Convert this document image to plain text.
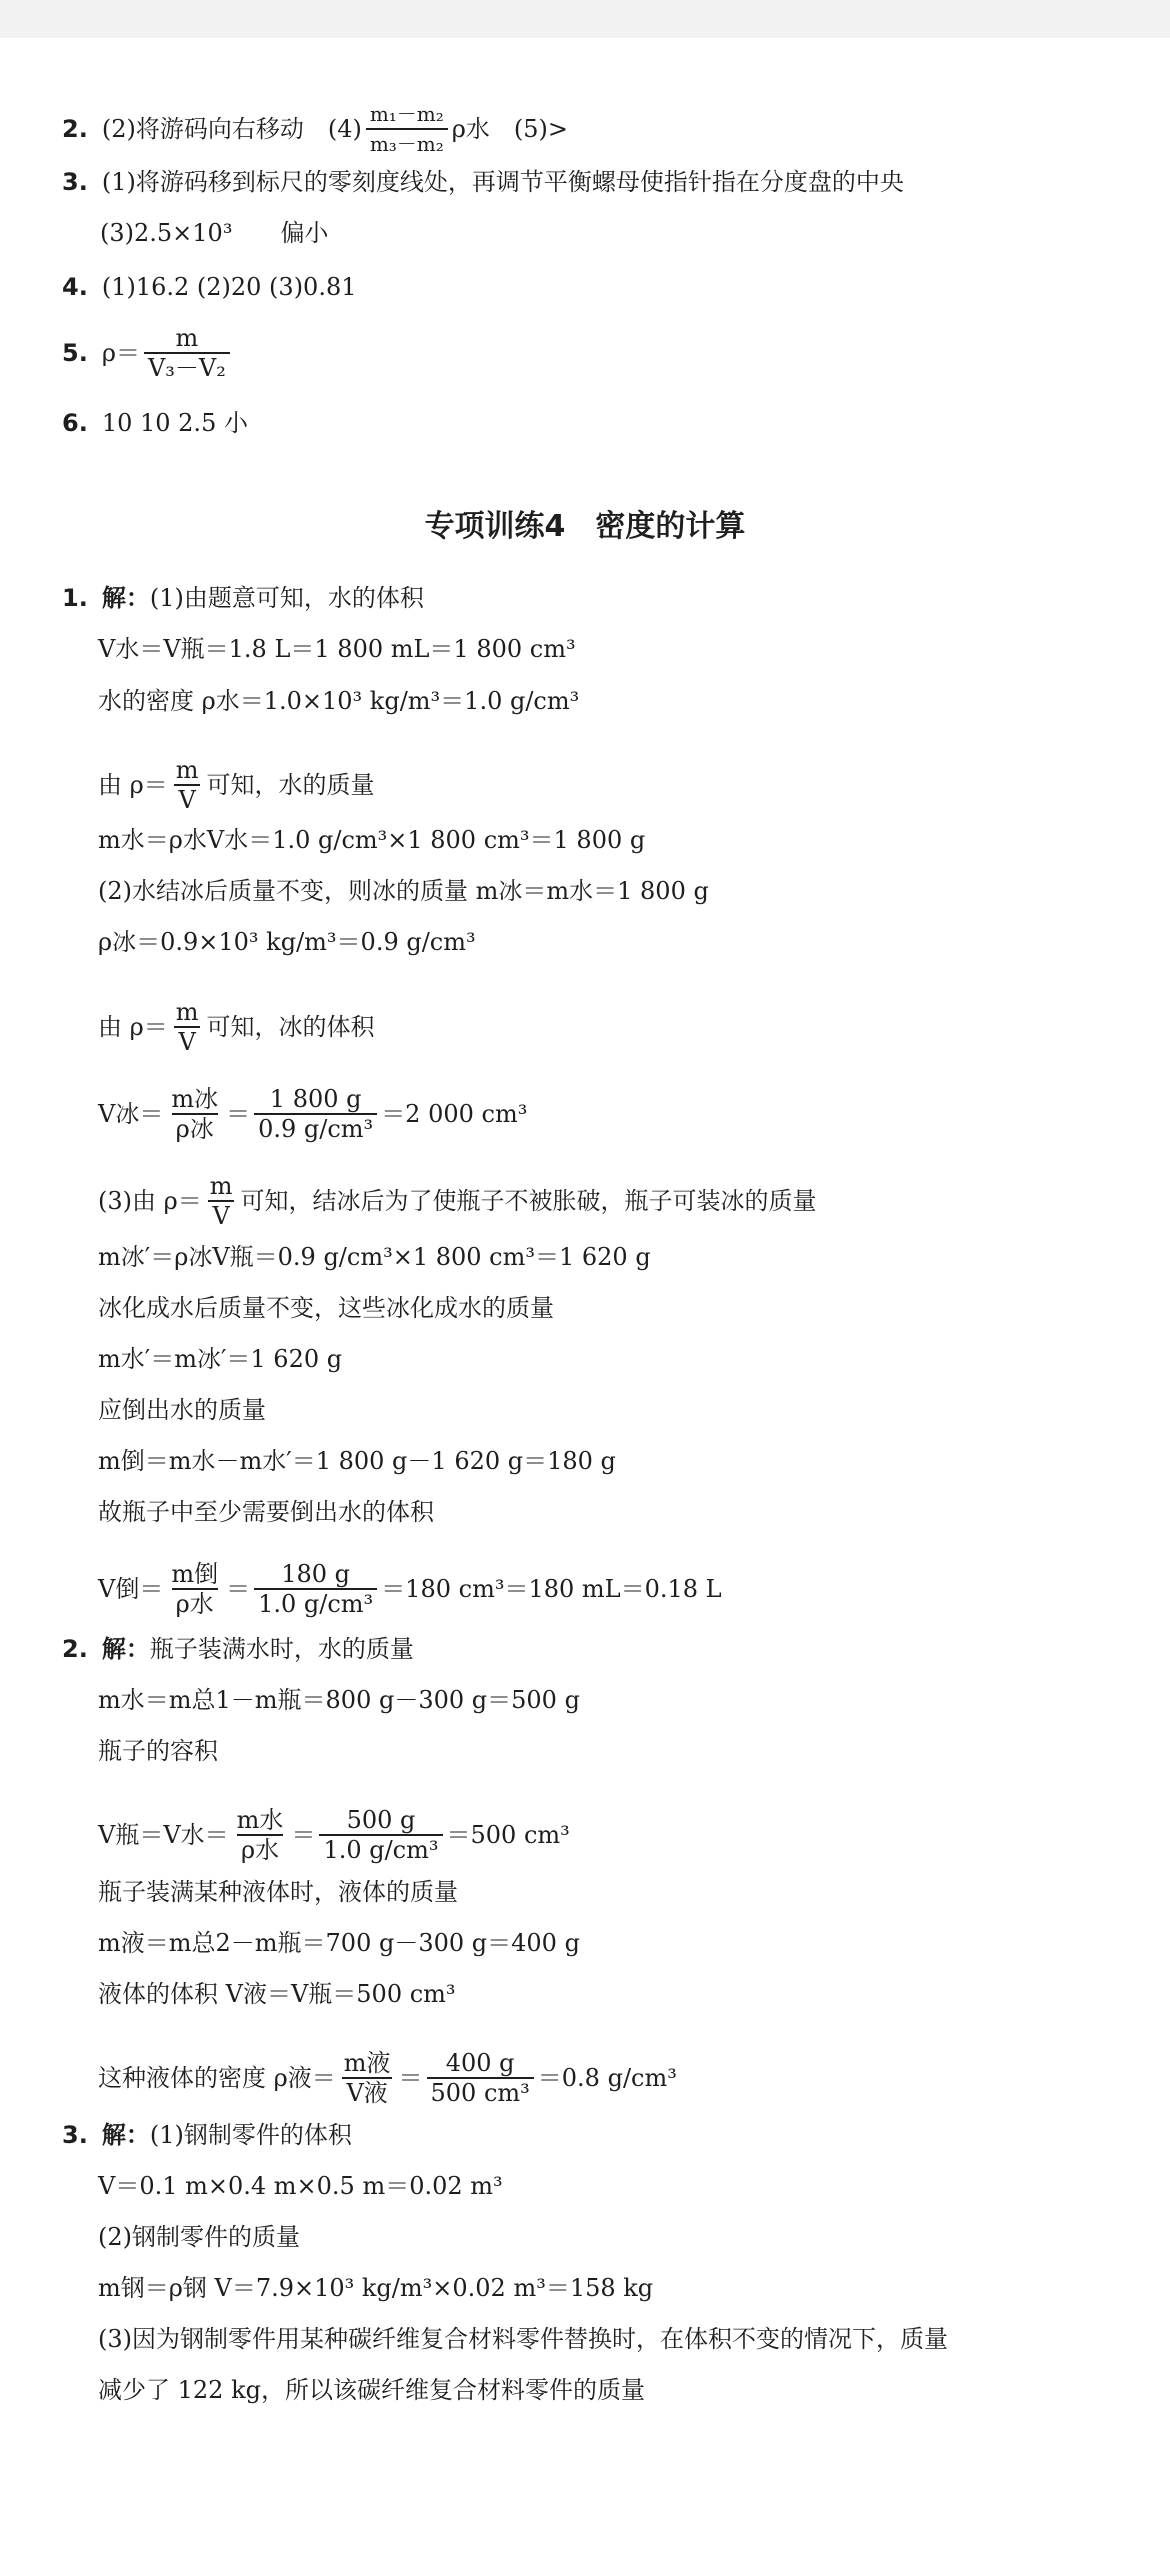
2. (2)将游码向右移动 $(4) \frac{\text{m₁－m₂}}{\text{m₃－m₂}}$ ρ水 (5)>
3. (1)将游码移到标尺的零刻度线处，再调节平衡螺母使指针指在分度盘的中央
(3)2.5×10³ 偏小
4. (1)16.2 (2)20 (3)0.81
5. $\rho= \frac{m}{\text{V₃－V₂}}$
6. 10 10 2.5 小
专项训练4　密度的计算
1. 解： (1)由题意可知，水的体积
V水＝V瓶＝1.8 L＝1 800 mL＝1 800 cm³
水的密度 ρ水＝1.0×10³ kg/m³＝1.0 g/cm³
由 $\rho= \frac{m}{V}$ 可知，水的质量
m水＝ρ水V水＝1.0 g/cm³×1 800 cm³＝1 800 g
(2)水结冰后质量不变，则冰的质量 m冰＝m水＝1 800 g
ρ冰＝0.9×10³ kg/m³＝0.9 g/cm³
由 $\rho= \frac{m}{V}$ 可知，冰的体积
V冰＝ $\frac{\text{m冰}}{\text{ρ冰}} = \frac{1 800 g}{\text{0.9 g/cm³}} =2$ 000 cm³
(3)由 $\rho= \frac{m}{V}$ 可知，结冰后为了使瓶子不被胀破，瓶子可装冰的质量
m冰′＝ρ冰V瓶＝0.9 g/cm³×1 800 cm³＝1 620 g
冰化成水后质量不变，这些冰化成水的质量
m水′＝m冰′＝1 620 g
应倒出水的质量
m倒＝m水－m水′＝1 800 g－1 620 g＝180 g
故瓶子中至少需要倒出水的体积
V倒＝ $\frac{\text{m倒}}{\text{ρ水}} = \frac{180 g}{\text{1.0 g/cm³}} =180$ cm³＝180 mL＝0.18 L
2. 解： 瓶子装满水时，水的质量
m水＝m总1－m瓶＝800 g－300 g＝500 g
瓶子的容积
V瓶＝V水＝ $\frac{\text{m水}}{\text{ρ水}} = \frac{500 g}{\text{1.0 g/cm³}} =500$ cm³
瓶子装满某种液体时，液体的质量
m液＝m总2－m瓶＝700 g－300 g＝400 g
液体的体积 V液＝V瓶＝500 cm³
这种液体的密度 ρ液＝ $\frac{\text{m液}}{\text{V液}} = \frac{400 g}{\text{500 cm³}} =0.8$ g/cm³
3. 解： (1)钢制零件的体积
V＝0.1 m×0.4 m×0.5 m＝0.02 m³
(2)钢制零件的质量
m钢＝ρ钢 V＝7.9×10³ kg/m³×0.02 m³＝158 kg
(3)因为钢制零件用某种碳纤维复合材料零件替换时，在体积不变的情况下，质量
减少了 122 kg，所以该碳纤维复合材料零件的质量
